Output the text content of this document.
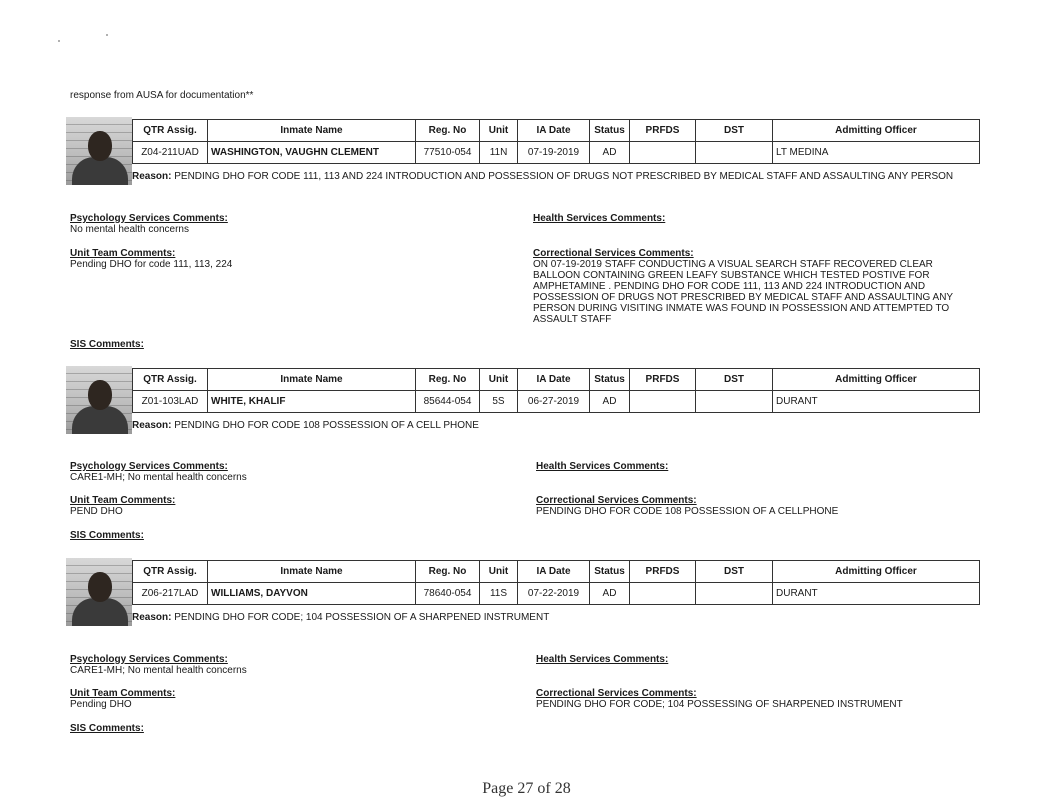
response from AUSA for documentation**
QTR Assig.	Inmate Name	Reg. No	Unit	IA Date	Status	PRFDS	DST	Admitting Officer
Z04-211UAD	WASHINGTON, VAUGHN CLEMENT	77510-054	11N	07-19-2019	AD			LT MEDINA
Reason: PENDING DHO FOR CODE 111, 113 AND 224 INTRODUCTION AND POSSESSION OF DRUGS NOT PRESCRIBED BY MEDICAL STAFF AND ASSAULTING ANY PERSON
Psychology Services Comments:
No mental health concerns
Health Services Comments:
Unit Team Comments:
Pending DHO for code 111, 113, 224
Correctional Services Comments:
ON 07-19-2019 STAFF CONDUCTING A VISUAL SEARCH STAFF RECOVERED CLEAR
BALLOON CONTAINING GREEN LEAFY SUBSTANCE WHICH TESTED POSTIVE FOR
AMPHETAMINE . PENDING DHO FOR CODE 111, 113 AND 224 INTRODUCTION AND
POSSESSION OF DRUGS NOT PRESCRIBED BY MEDICAL STAFF AND ASSAULTING ANY
PERSON DURING VISITING INMATE WAS FOUND IN POSSESSION AND ATTEMPTED TO
ASSAULT STAFF
SIS Comments:
QTR Assig.	Inmate Name	Reg. No	Unit	IA Date	Status	PRFDS	DST	Admitting Officer
Z01-103LAD	WHITE, KHALIF	85644-054	5S	06-27-2019	AD			DURANT
Reason: PENDING DHO FOR CODE 108 POSSESSION OF A CELL PHONE
Psychology Services Comments:
CARE1-MH; No mental health concerns
Health Services Comments:
Unit Team Comments:
PEND DHO
Correctional Services Comments:
PENDING DHO FOR CODE 108 POSSESSION OF A CELLPHONE
SIS Comments:
QTR Assig.	Inmate Name	Reg. No	Unit	IA Date	Status	PRFDS	DST	Admitting Officer
Z06-217LAD	WILLIAMS, DAYVON	78640-054	11S	07-22-2019	AD			DURANT
Reason: PENDING DHO FOR CODE; 104 POSSESSION OF A SHARPENED INSTRUMENT
Psychology Services Comments:
CARE1-MH; No mental health concerns
Health Services Comments:
Unit Team Comments:
Pending DHO
Correctional Services Comments:
PENDING DHO FOR CODE; 104 POSSESSING OF SHARPENED INSTRUMENT
SIS Comments:
Page 27 of 28
